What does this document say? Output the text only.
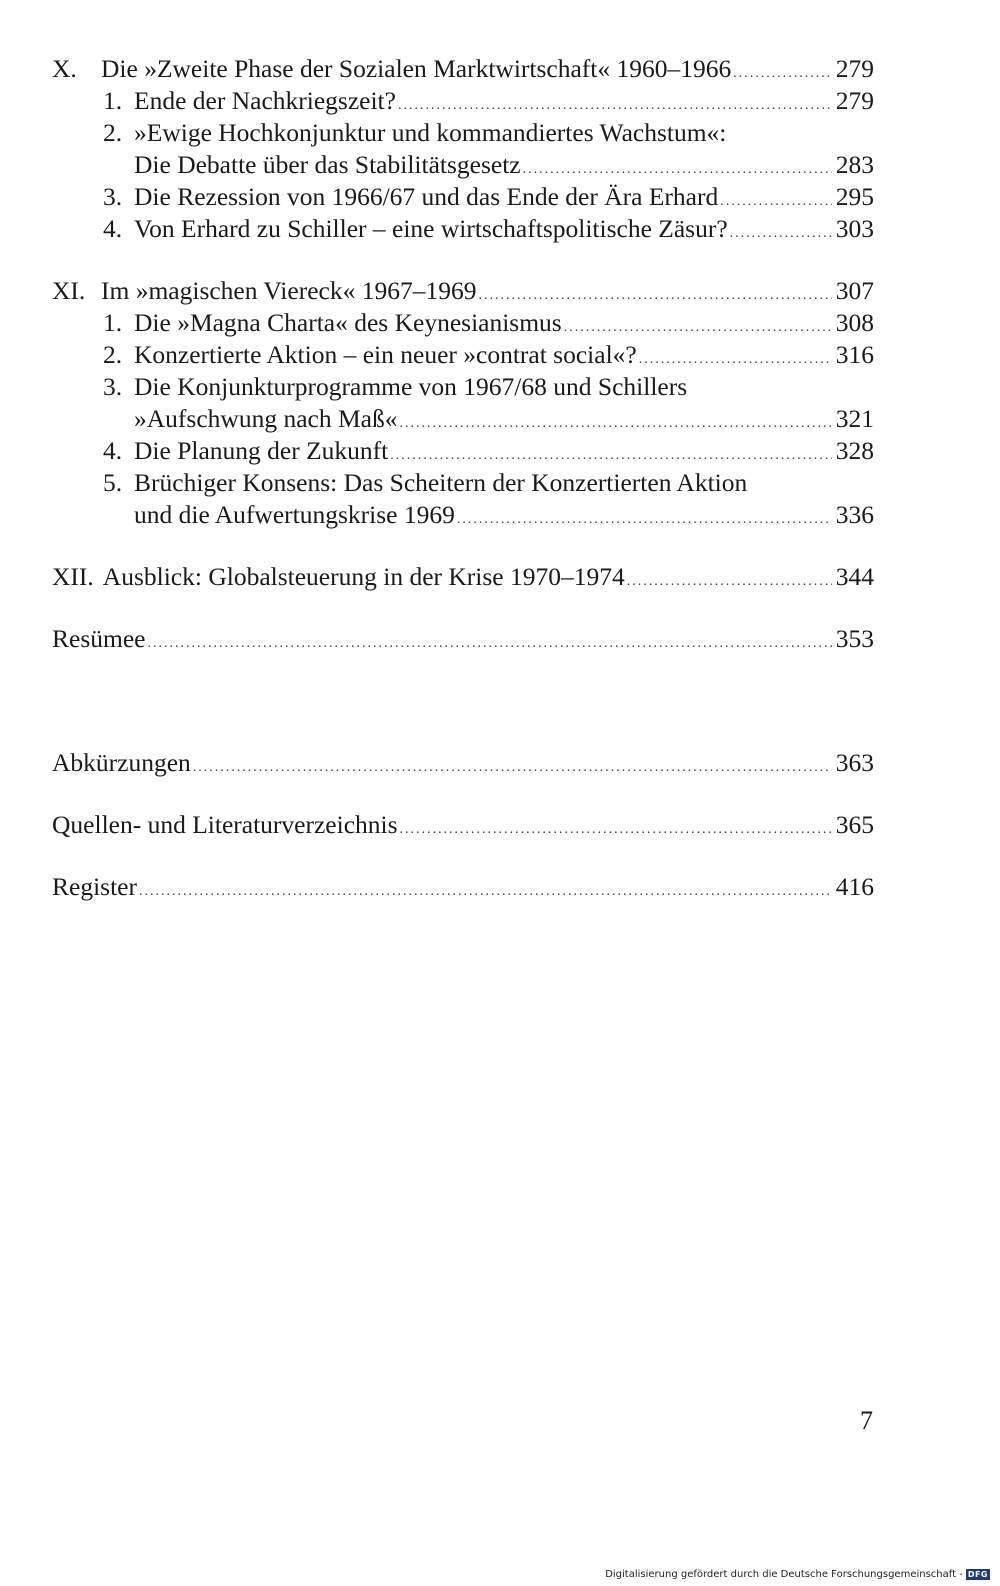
X. Die »Zweite Phase der Sozialen Marktwirtschaft« 1960–1966 .....	279
1. Ende der Nachkriegszeit? .....	279
2. »Ewige Hochkonjunktur und kommandiertes Wachstum«:
Die Debatte über das Stabilitätsgesetz .....	283
3. Die Rezession von 1966/67 und das Ende der Ära Erhard .....	295
4. Von Erhard zu Schiller – eine wirtschaftspolitische Zäsur? .....	303
XI. Im »magischen Viereck« 1967–1969 .....	307
1. Die »Magna Charta« des Keynesianismus .....	308
2. Konzertierte Aktion – ein neuer »contrat social«? .....	316
3. Die Konjunkturprogramme von 1967/68 und Schillers
»Aufschwung nach Maß« .....	321
4. Die Planung der Zukunft .....	328
5. Brüchiger Konsens: Das Scheitern der Konzertierten Aktion
und die Aufwertungskrise 1969 .....	336
XII. Ausblick: Globalsteuerung in der Krise 1970–1974 .....	344
Resümee .....	353
Abkürzungen .....	363
Quellen- und Literaturverzeichnis .....	365
Register .....	416
7
Digitalisierung gefördert durch die Deutsche Forschungsgemeinschaft - DFG
